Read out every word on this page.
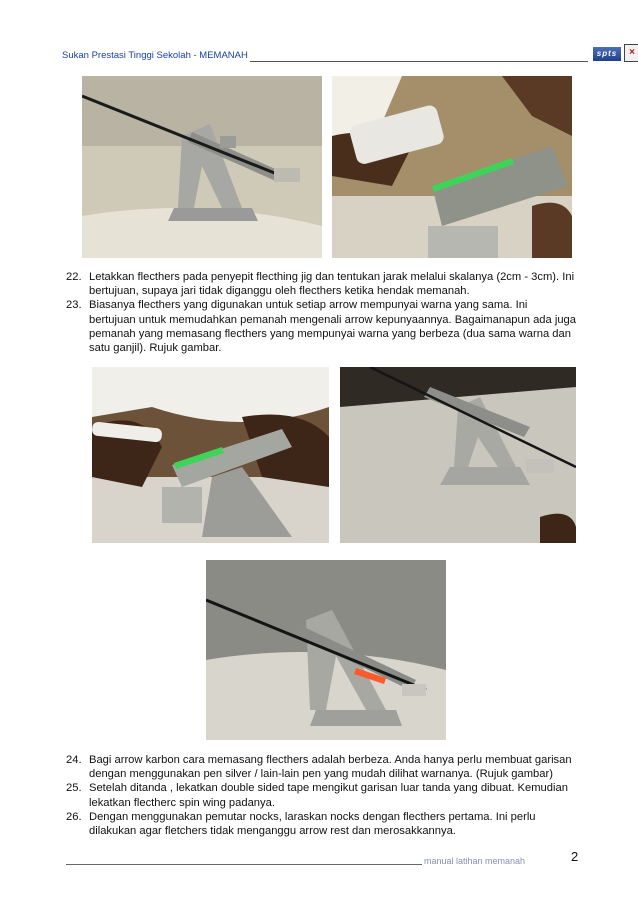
Sukan Prestasi Tinggi Sekolah - MEMANAH	spts	×
22. Letakkan flecthers pada penyepit flecthing jig dan tentukan jarak melalui skalanya (2cm - 3cm). Ini bertujuan, supaya jari tidak diganggu oleh flecthers ketika hendak memanah.
23. Biasanya flecthers yang digunakan untuk setiap arrow mempunyai warna yang sama. Ini bertujuan untuk memudahkan pemanah mengenali arrow kepunyaannya. Bagaimanapun ada juga pemanah yang memasang flecthers yang mempunyai warna yang berbeza (dua sama warna dan satu ganjil). Rujuk gambar.
24. Bagi arrow karbon cara memasang flecthers adalah berbeza. Anda hanya perlu membuat garisan dengan menggunakan pen silver / lain-lain pen yang mudah dilihat warnanya. (Rujuk gambar)
25. Setelah ditanda , lekatkan double sided tape mengikut garisan luar tanda yang dibuat. Kemudian lekatkan flectherc spin wing padanya.
26. Dengan menggunakan pemutar nocks, laraskan nocks dengan flecthers pertama. Ini perlu dilakukan agar fletchers tidak menganggu arrow rest dan merosakkannya.
manual latihan memanah	2
